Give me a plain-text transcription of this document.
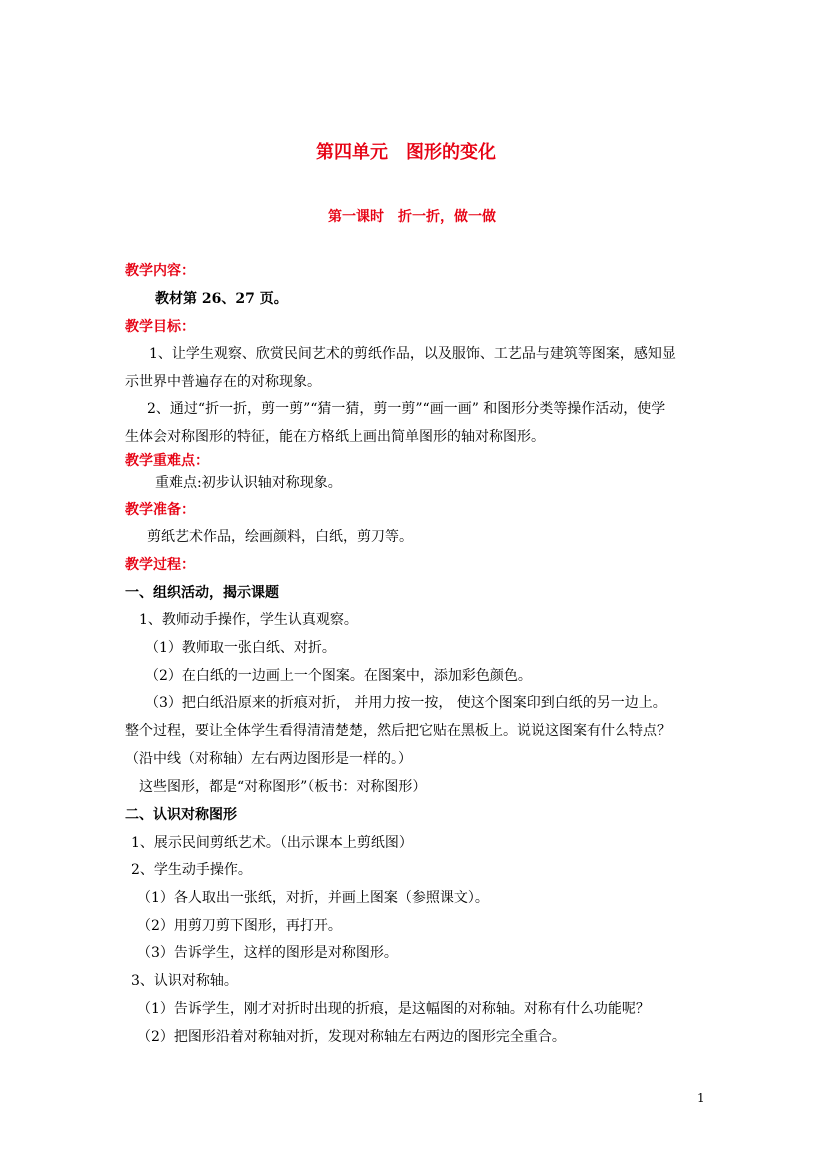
第四单元　图形的变化
第一课时　折一折，做一做
教学内容：
教材第 26、27 页。
教学目标：
1、让学生观察、欣赏民间艺术的剪纸作品，以及服饰、工艺品与建筑等图案，感知显
示世界中普遍存在的对称现象。
2、通过“折一折，剪一剪”“猜一猜，剪一剪”“画一画” 和图形分类等操作活动，使学
生体会对称图形的特征，能在方格纸上画出简单图形的轴对称图形。
教学重难点：
重难点:初步认识轴对称现象。
教学准备：
剪纸艺术作品，绘画颜料，白纸，剪刀等。
教学过程：
一、组织活动，揭示课题
1、教师动手操作，学生认真观察。
（1）教师取一张白纸、对折。
（2）在白纸的一边画上一个图案。在图案中，添加彩色颜色。
（3）把白纸沿原来的折痕对折， 并用力按一按， 使这个图案印到白纸的另一边上。
整个过程，要让全体学生看得清清楚楚，然后把它贴在黑板上。说说这图案有什么特点？
（沿中线（对称轴）左右两边图形是一样的。）
这些图形，都是“对称图形”（板书：对称图形）
二、认识对称图形
1、展示民间剪纸艺术。（出示课本上剪纸图）
2、学生动手操作。
（1）各人取出一张纸，对折，并画上图案（参照课文）。
（2）用剪刀剪下图形，再打开。
（3）告诉学生，这样的图形是对称图形。
3、认识对称轴。
（1）告诉学生，刚才对折时出现的折痕，是这幅图的对称轴。对称有什么功能呢？
（2）把图形沿着对称轴对折，发现对称轴左右两边的图形完全重合。
1
